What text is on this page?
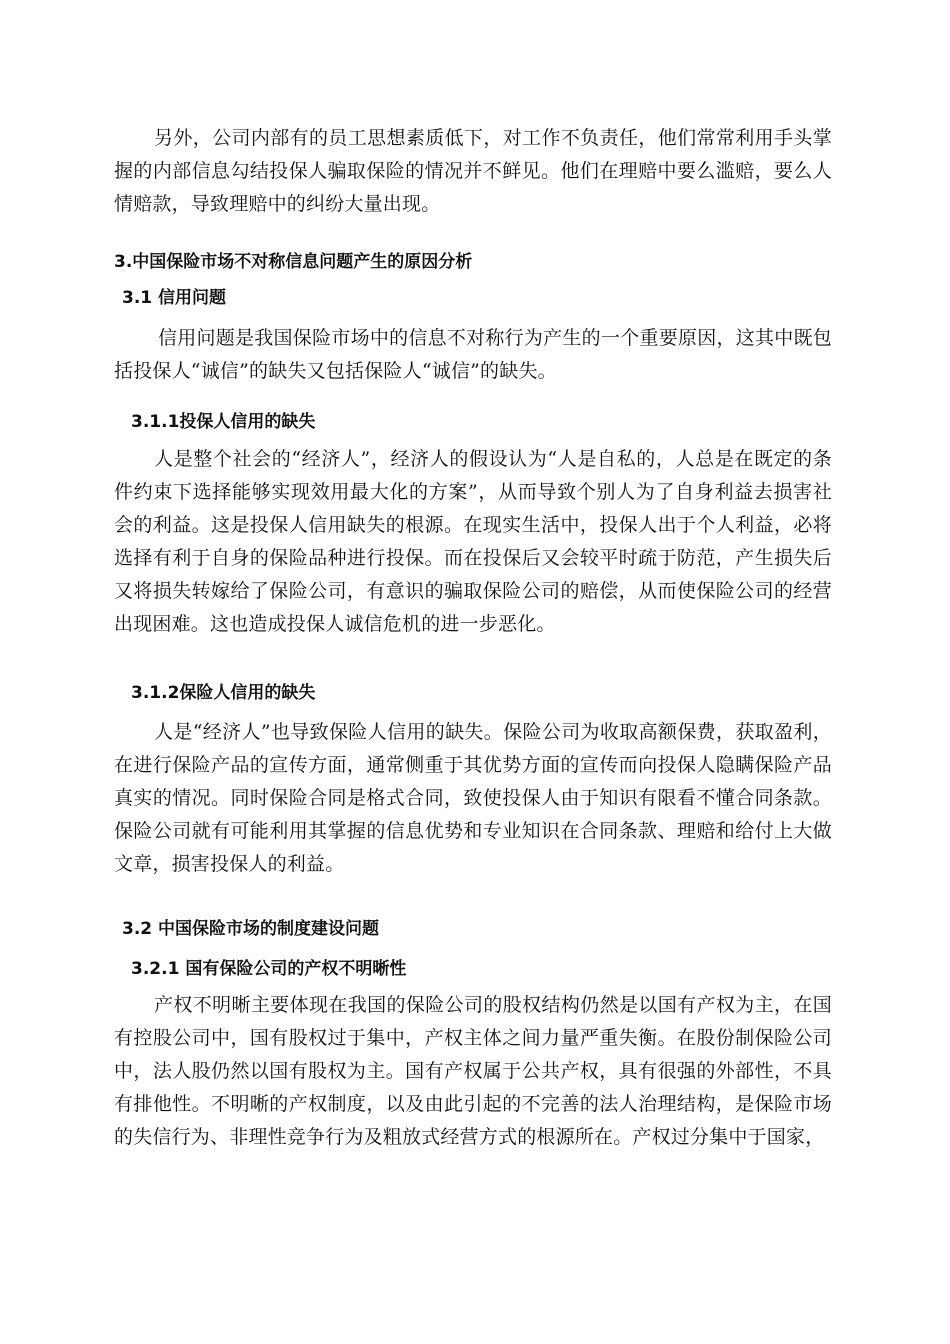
另外，公司内部有的员工思想素质低下，对工作不负责任，他们常常利用手头掌握的内部信息勾结投保人骗取保险的情况并不鲜见。他们在理赔中要么滥赔，要么人情赔款，导致理赔中的纠纷大量出现。

3.中国保险市场不对称信息问题产生的原因分析
3.1 信用问题

信用问题是我国保险市场中的信息不对称行为产生的一个重要原因，这其中既包括投保人“诚信”的缺失又包括保险人“诚信”的缺失。

3.1.1投保人信用的缺失

人是整个社会的“经济人”，经济人的假设认为“人是自私的，人总是在既定的条件约束下选择能够实现效用最大化的方案”，从而导致个别人为了自身利益去损害社会的利益。这是投保人信用缺失的根源。在现实生活中，投保人出于个人利益，必将选择有利于自身的保险品种进行投保。而在投保后又会较平时疏于防范，产生损失后又将损失转嫁给了保险公司，有意识的骗取保险公司的赔偿，从而使保险公司的经营出现困难。这也造成投保人诚信危机的进一步恶化。

3.1.2保险人信用的缺失

人是“经济人”也导致保险人信用的缺失。保险公司为收取高额保费，获取盈利，在进行保险产品的宣传方面，通常侧重于其优势方面的宣传而向投保人隐瞒保险产品真实的情况。同时保险合同是格式合同，致使投保人由于知识有限看不懂合同条款。保险公司就有可能利用其掌握的信息优势和专业知识在合同条款、理赔和给付上大做文章，损害投保人的利益。

3.2 中国保险市场的制度建设问题
3.2.1 国有保险公司的产权不明晰性

产权不明晰主要体现在我国的保险公司的股权结构仍然是以国有产权为主，在国有控股公司中，国有股权过于集中，产权主体之间力量严重失衡。在股份制保险公司中，法人股仍然以国有股权为主。国有产权属于公共产权，具有很强的外部性，不具有排他性。不明晰的产权制度，以及由此引起的不完善的法人治理结构，是保险市场的失信行为、非理性竞争行为及粗放式经营方式的根源所在。产权过分集中于国家，
